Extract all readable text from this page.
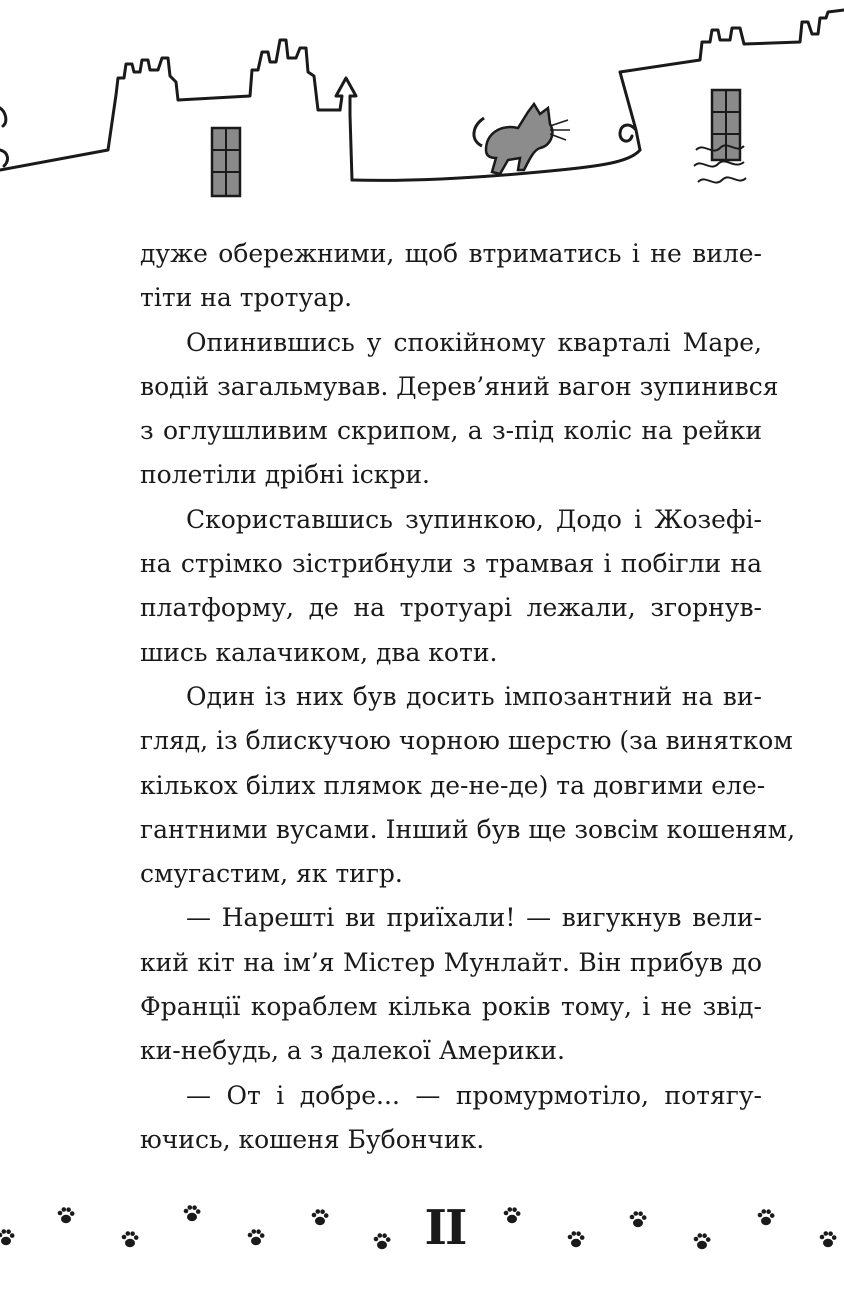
дуже обережними, щоб втриматись і не виле-
тіти на тротуар.
Опинившись у спокійному кварталі Маре,
водій загальмував. Дерев’яний вагон зупинився
з оглушливим скрипом, а з-під коліс на рейки
полетіли дрібні іскри.
Скориставшись зупинкою, Додо і Жозефі-
на стрімко зістрибнули з трамвая і побігли на
платформу, де на тротуарі лежали, згорнув-
шись калачиком, два коти.
Один із них був досить імпозантний на ви-
гляд, із блискучою чорною шерстю (за винятком
кількох білих плямок де-не-де) та довгими еле-
гантними вусами. Інший був ще зовсім кошеням,
смугастим, як тигр.
— Нарешті ви приїхали! — вигукнув вели-
кий кіт на ім’я Містер Мунлайт. Він прибув до
Франції кораблем кілька років тому, і не звід-
ки-небудь, а з далекої Америки.
— От і добре... — промурмотіло, потягу-
ючись, кошеня Бубончик.
II
